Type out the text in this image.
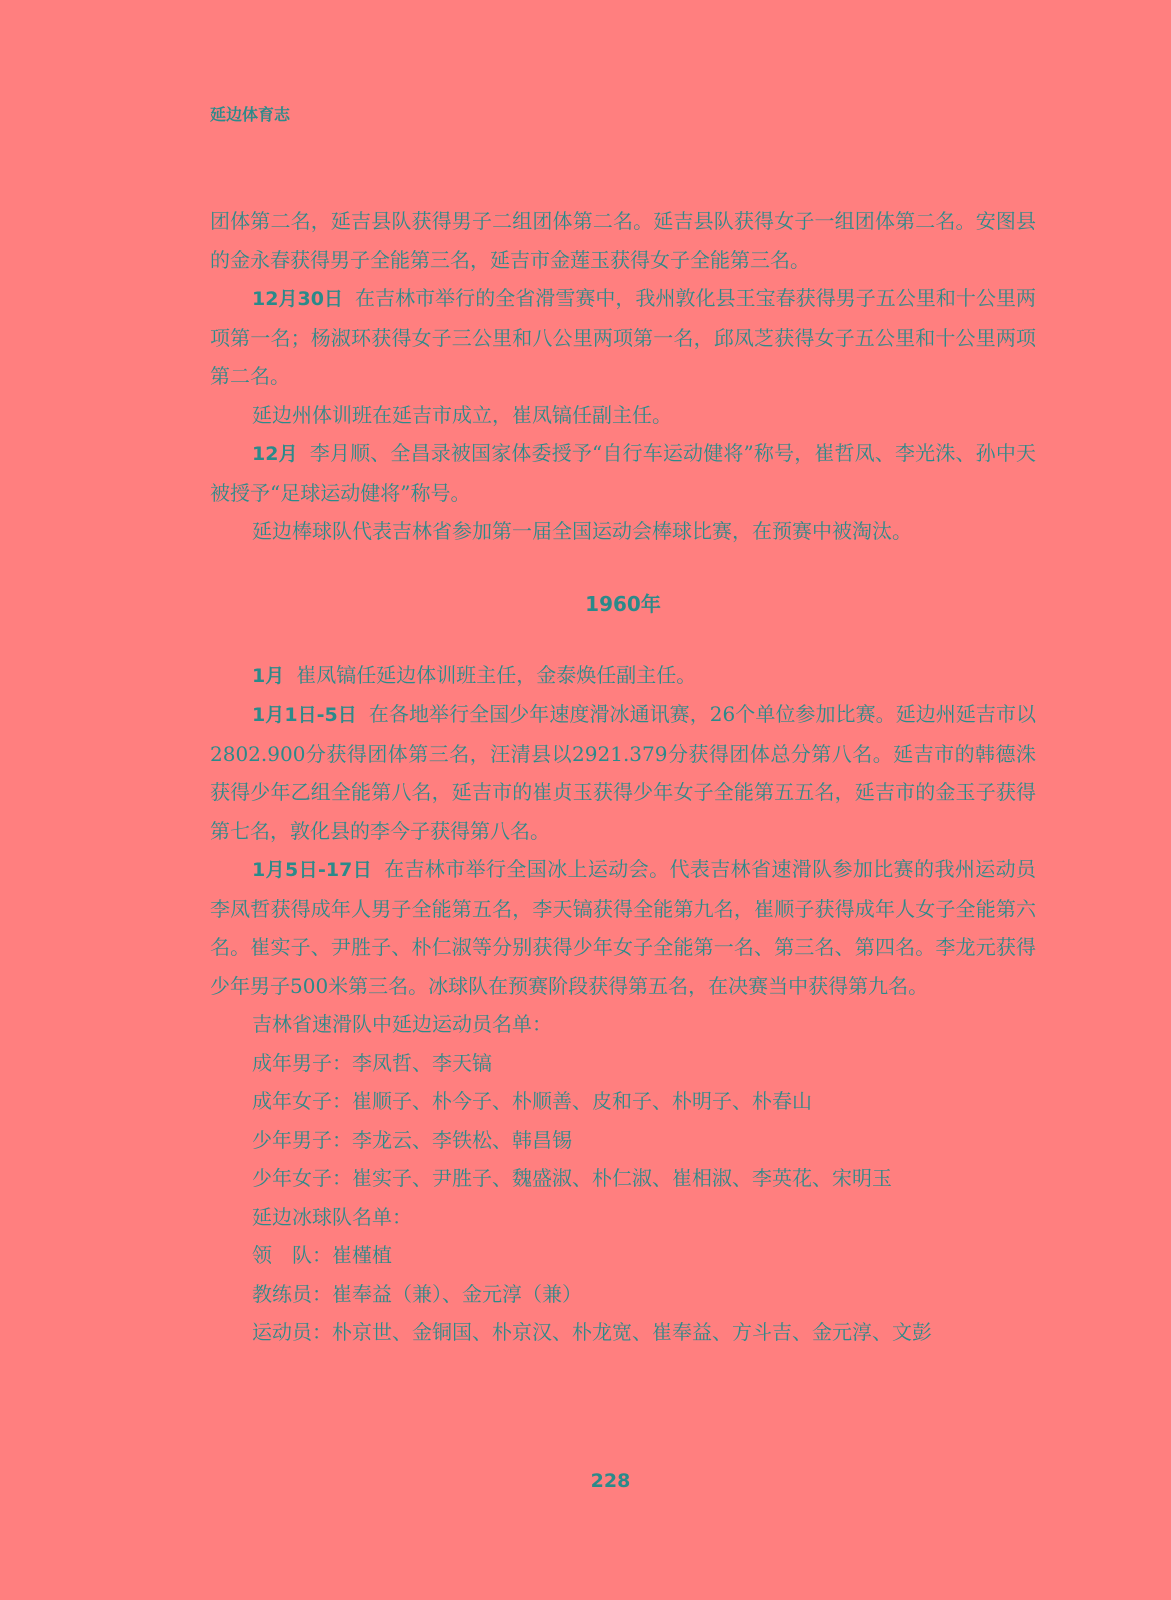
延边体育志

团体第二名，延吉县队获得男子二组团体第二名。延吉县队获得女子一组团体第二名。安图县的金永春获得男子全能第三名，延吉市金莲玉获得女子全能第三名。

12月30日 在吉林市举行的全省滑雪赛中，我州敦化县王宝春获得男子五公里和十公里两项第一名；杨淑环获得女子三公里和八公里两项第一名，邱凤芝获得女子五公里和十公里两项第二名。

延边州体训班在延吉市成立，崔凤镐任副主任。

12月 李月顺、全昌录被国家体委授予“自行车运动健将”称号，崔哲凤、李光洙、孙中天被授予“足球运动健将”称号。

延边棒球队代表吉林省参加第一届全国运动会棒球比赛，在预赛中被淘汰。

1960年

1月 崔凤镐任延边体训班主任，金泰焕任副主任。

1月1日-5日 在各地举行全国少年速度滑冰通讯赛，26个单位参加比赛。延边州延吉市以2802.900分获得团体第三名，汪清县以2921.379分获得团体总分第八名。延吉市的韩德洙获得少年乙组全能第八名，延吉市的崔贞玉获得少年女子全能第五五名，延吉市的金玉子获得第七名，敦化县的李今子获得第八名。

1月5日-17日 在吉林市举行全国冰上运动会。代表吉林省速滑队参加比赛的我州运动员李凤哲获得成年人男子全能第五名，李天镐获得全能第九名，崔顺子获得成年人女子全能第六名。崔实子、尹胜子、朴仁淑等分别获得少年女子全能第一名、第三名、第四名。李龙元获得少年男子500米第三名。冰球队在预赛阶段获得第五名，在决赛当中获得第九名。

吉林省速滑队中延边运动员名单：

成年男子：李凤哲、李天镐

成年女子：崔顺子、朴今子、朴顺善、皮和子、朴明子、朴春山

少年男子：李龙云、李铁松、韩昌锡

少年女子：崔实子、尹胜子、魏盛淑、朴仁淑、崔相淑、李英花、宋明玉

延边冰球队名单：

领　队：崔槿植

教练员：崔奉益（兼）、金元淳（兼）

运动员：朴京世、金铜国、朴京汉、朴龙宽、崔奉益、方斗吉、金元淳、文彭

228
